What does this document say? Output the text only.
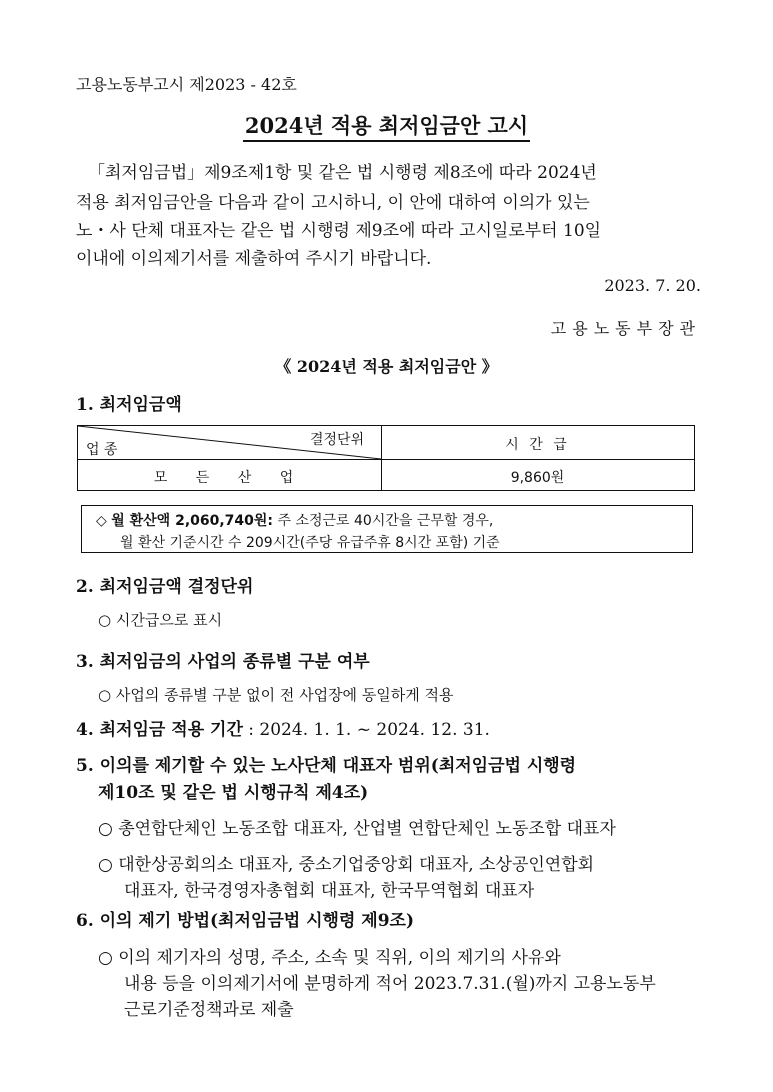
고용노동부고시 제2023 - 42호
2024년 적용 최저임금안 고시
「최저임금법」제9조제1항 및 같은 법 시행령 제8조에 따라 2024년
적용 최저임금안을 다음과 같이 고시하니, 이 안에 대하여 이의가 있는
노・사 단체 대표자는 같은 법 시행령 제9조에 따라 고시일로부터 10일
이내에 이의제기서를 제출하여 주시기 바랍니다.
2023. 7. 20.
고용노동부장관
《 2024년 적용 최저임금안 》
1. 최저임금액
결정단위
업 종	시 간 급
모 든 산 업	9,860원
◇ 월 환산액 2,060,740원: 주 소정근로 40시간을 근무할 경우,
월 환산 기준시간 수 209시간(주당 유급주휴 8시간 포함) 기준
2. 최저임금액 결정단위
○ 시간급으로 표시
3. 최저임금의 사업의 종류별 구분 여부
○ 사업의 종류별 구분 없이 전 사업장에 동일하게 적용
4. 최저임금 적용 기간 : 2024. 1. 1. ~ 2024. 12. 31.
5. 이의를 제기할 수 있는 노사단체 대표자 범위(최저임금법 시행령
제10조 및 같은 법 시행규칙 제4조)
○ 총연합단체인 노동조합 대표자, 산업별 연합단체인 노동조합 대표자
○ 대한상공회의소 대표자, 중소기업중앙회 대표자, 소상공인연합회
대표자, 한국경영자총협회 대표자, 한국무역협회 대표자
6. 이의 제기 방법(최저임금법 시행령 제9조)
○ 이의 제기자의 성명, 주소, 소속 및 직위, 이의 제기의 사유와
내용 등을 이의제기서에 분명하게 적어 2023.7.31.(월)까지 고용노동부
근로기준정책과로 제출
